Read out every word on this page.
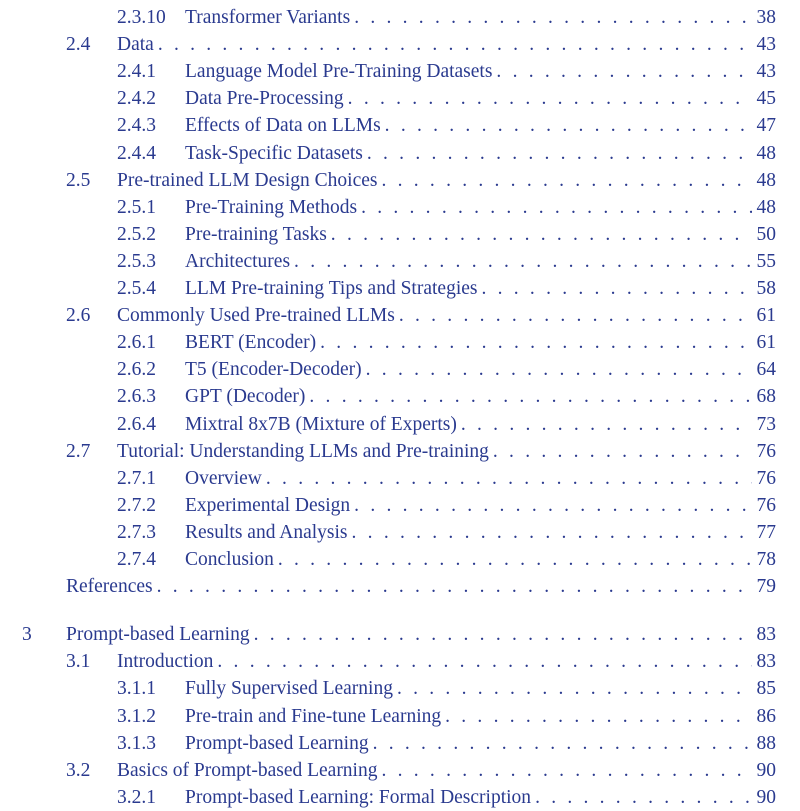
2.3.10 Transformer Variants . . .	38
2.4 Data . . .	43
2.4.1 Language Model Pre-Training Datasets . . .	43
2.4.2 Data Pre-Processing . . .	45
2.4.3 Effects of Data on LLMs . . .	47
2.4.4 Task-Specific Datasets . . .	48
2.5 Pre-trained LLM Design Choices . . .	48
2.5.1 Pre-Training Methods . . .	48
2.5.2 Pre-training Tasks . . .	50
2.5.3 Architectures . . .	55
2.5.4 LLM Pre-training Tips and Strategies . . .	58
2.6 Commonly Used Pre-trained LLMs . . .	61
2.6.1 BERT (Encoder) . . .	61
2.6.2 T5 (Encoder-Decoder) . . .	64
2.6.3 GPT (Decoder) . . .	68
2.6.4 Mixtral 8x7B (Mixture of Experts) . . .	73
2.7 Tutorial: Understanding LLMs and Pre-training . . .	76
2.7.1 Overview . . .	76
2.7.2 Experimental Design . . .	76
2.7.3 Results and Analysis . . .	77
2.7.4 Conclusion . . .	78
References . . .	79
3 Prompt-based Learning . . .	83
3.1 Introduction . . .	83
3.1.1 Fully Supervised Learning . . .	85
3.1.2 Pre-train and Fine-tune Learning . . .	86
3.1.3 Prompt-based Learning . . .	88
3.2 Basics of Prompt-based Learning . . .	90
3.2.1 Prompt-based Learning: Formal Description . . .	90
